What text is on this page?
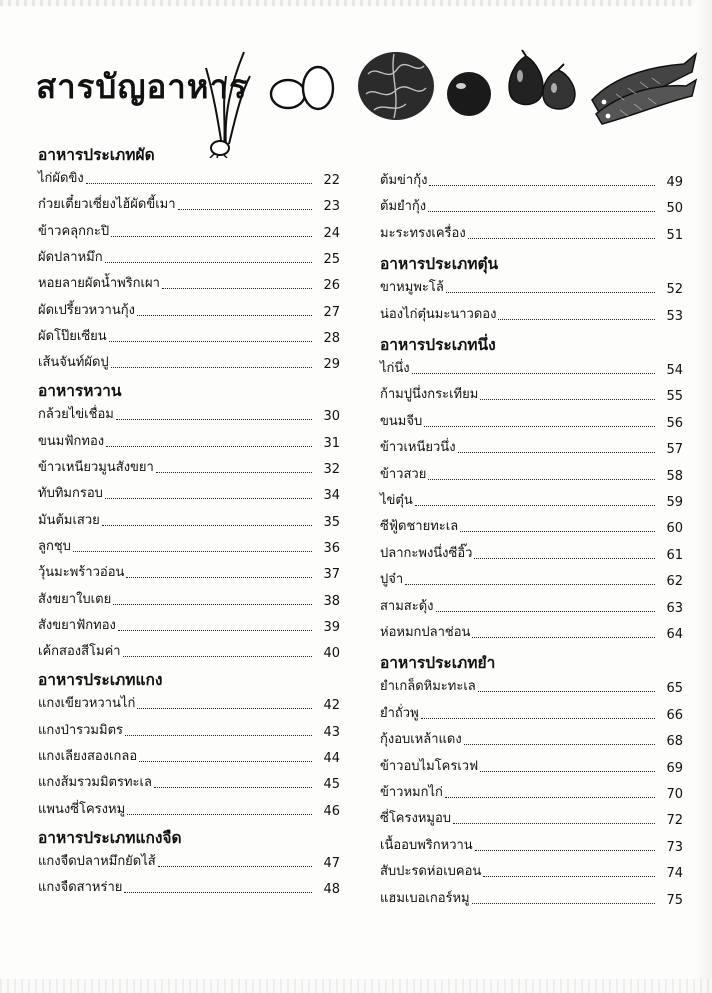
สารบัญอาหาร
อาหารประเภทผัด
ไก่ผัดขิง	22
ก๋วยเตี๋ยวเซี่ยงไฮ้ผัดขี้เมา	23
ข้าวคลุกกะปิ	24
ผัดปลาหมึก	25
หอยลายผัดน้ำพริกเผา	26
ผัดเปรี้ยวหวานกุ้ง	27
ผัดโป๊ยเซียน	28
เส้นจันท์ผัดปู	29
อาหารหวาน
กล้วยไข่เชื่อม	30
ขนมฟักทอง	31
ข้าวเหนียวมูนสังขยา	32
ทับทิมกรอบ	34
มันต้มเสวย	35
ลูกชุบ	36
วุ้นมะพร้าวอ่อน	37
สังขยาใบเตย	38
สังขยาฟักทอง	39
เค้กสองสีโมค่า	40
อาหารประเภทแกง
แกงเขียวหวานไก่	42
แกงป่ารวมมิตร	43
แกงเลียงสองเกลอ	44
แกงส้มรวมมิตรทะเล	45
แพนงซี่โครงหมู	46
อาหารประเภทแกงจืด
แกงจืดปลาหมึกยัดไส้	47
แกงจืดสาหร่าย	48
ต้มข่ากุ้ง	49
ต้มยำกุ้ง	50
มะระทรงเครื่อง	51
อาหารประเภทตุ๋น
ขาหมูพะโล้	52
น่องไก่ตุ๋นมะนาวดอง	53
อาหารประเภทนึ่ง
ไก่นึ่ง	54
ก้ามปูนึ่งกระเทียม	55
ขนมจีบ	56
ข้าวเหนียวนึ่ง	57
ข้าวสวย	58
ไข่ตุ๋น	59
ซีฟู้ดชายทะเล	60
ปลากะพงนึ่งซีอิ๊ว	61
ปูจ๋า	62
สามสะดุ้ง	63
ห่อหมกปลาช่อน	64
อาหารประเภทยำ
ยำเกล็ดหิมะทะเล	65
ยำถั่วพู	66
กุ้งอบเหล้าแดง	68
ข้าวอบไมโครเวฟ	69
ข้าวหมกไก่	70
ซี่โครงหมูอบ	72
เนื้ออบพริกหวาน	73
สับปะรดห่อเบคอน	74
แฮมเบอเกอร์หมู	75
